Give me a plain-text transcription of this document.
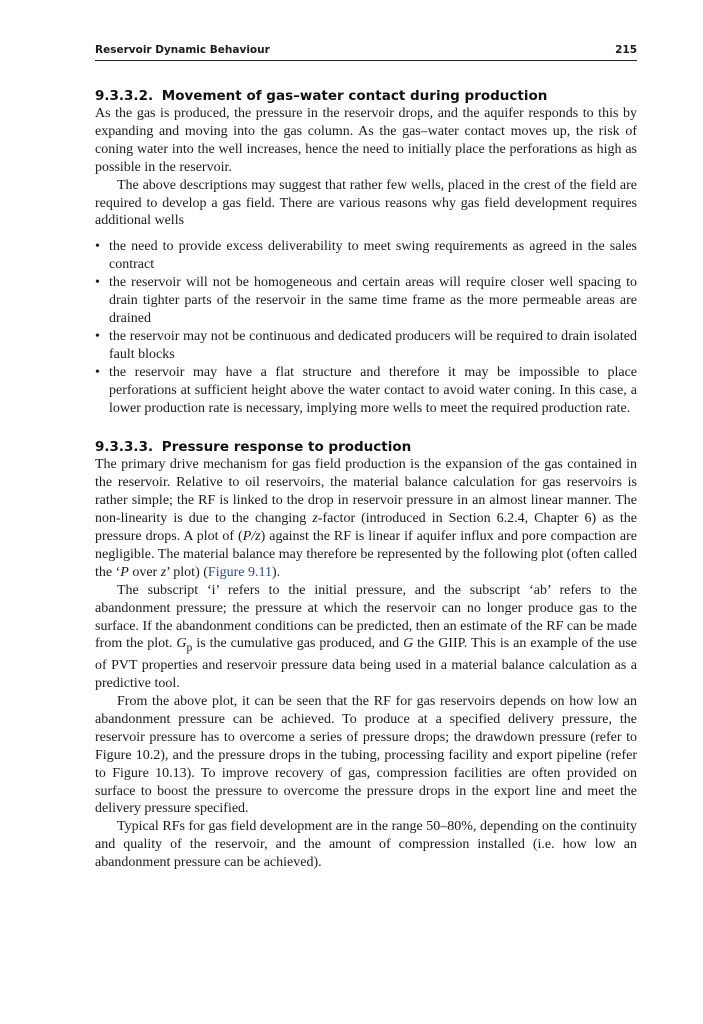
Reservoir Dynamic Behaviour	215
9.3.3.2. Movement of gas–water contact during production

As the gas is produced, the pressure in the reservoir drops, and the aquifer responds to this by expanding and moving into the gas column. As the gas–water contact moves up, the risk of coning water into the well increases, hence the need to initially place the perforations as high as possible in the reservoir.

The above descriptions may suggest that rather few wells, placed in the crest of the field are required to develop a gas field. There are various reasons why gas field development requires additional wells

• the need to provide excess deliverability to meet swing requirements as agreed in the sales contract
• the reservoir will not be homogeneous and certain areas will require closer well spacing to drain tighter parts of the reservoir in the same time frame as the more permeable areas are drained
• the reservoir may not be continuous and dedicated producers will be required to drain isolated fault blocks
• the reservoir may have a flat structure and therefore it may be impossible to place perforations at sufficient height above the water contact to avoid water coning. In this case, a lower production rate is necessary, implying more wells to meet the required production rate.
9.3.3.3. Pressure response to production

The primary drive mechanism for gas field production is the expansion of the gas contained in the reservoir. Relative to oil reservoirs, the material balance calculation for gas reservoirs is rather simple; the RF is linked to the drop in reservoir pressure in an almost linear manner. The non-linearity is due to the changing z-factor (introduced in Section 6.2.4, Chapter 6) as the pressure drops. A plot of (P/z) against the RF is linear if aquifer influx and pore compaction are negligible. The material balance may therefore be represented by the following plot (often called the ‘P over z’ plot) (Figure 9.11).

The subscript ‘i’ refers to the initial pressure, and the subscript ‘ab’ refers to the abandonment pressure; the pressure at which the reservoir can no longer produce gas to the surface. If the abandonment conditions can be predicted, then an estimate of the RF can be made from the plot. $G_p$ is the cumulative gas produced, and G the GIIP. This is an example of the use of PVT properties and reservoir pressure data being used in a material balance calculation as a predictive tool.

From the above plot, it can be seen that the RF for gas reservoirs depends on how low an abandonment pressure can be achieved. To produce at a specified delivery pressure, the reservoir pressure has to overcome a series of pressure drops; the drawdown pressure (refer to Figure 10.2), and the pressure drops in the tubing, processing facility and export pipeline (refer to Figure 10.13). To improve recovery of gas, compression facilities are often provided on surface to boost the pressure to overcome the pressure drops in the export line and meet the delivery pressure specified.

Typical RFs for gas field development are in the range 50–80%, depending on the continuity and quality of the reservoir, and the amount of compression installed (i.e. how low an abandonment pressure can be achieved).
